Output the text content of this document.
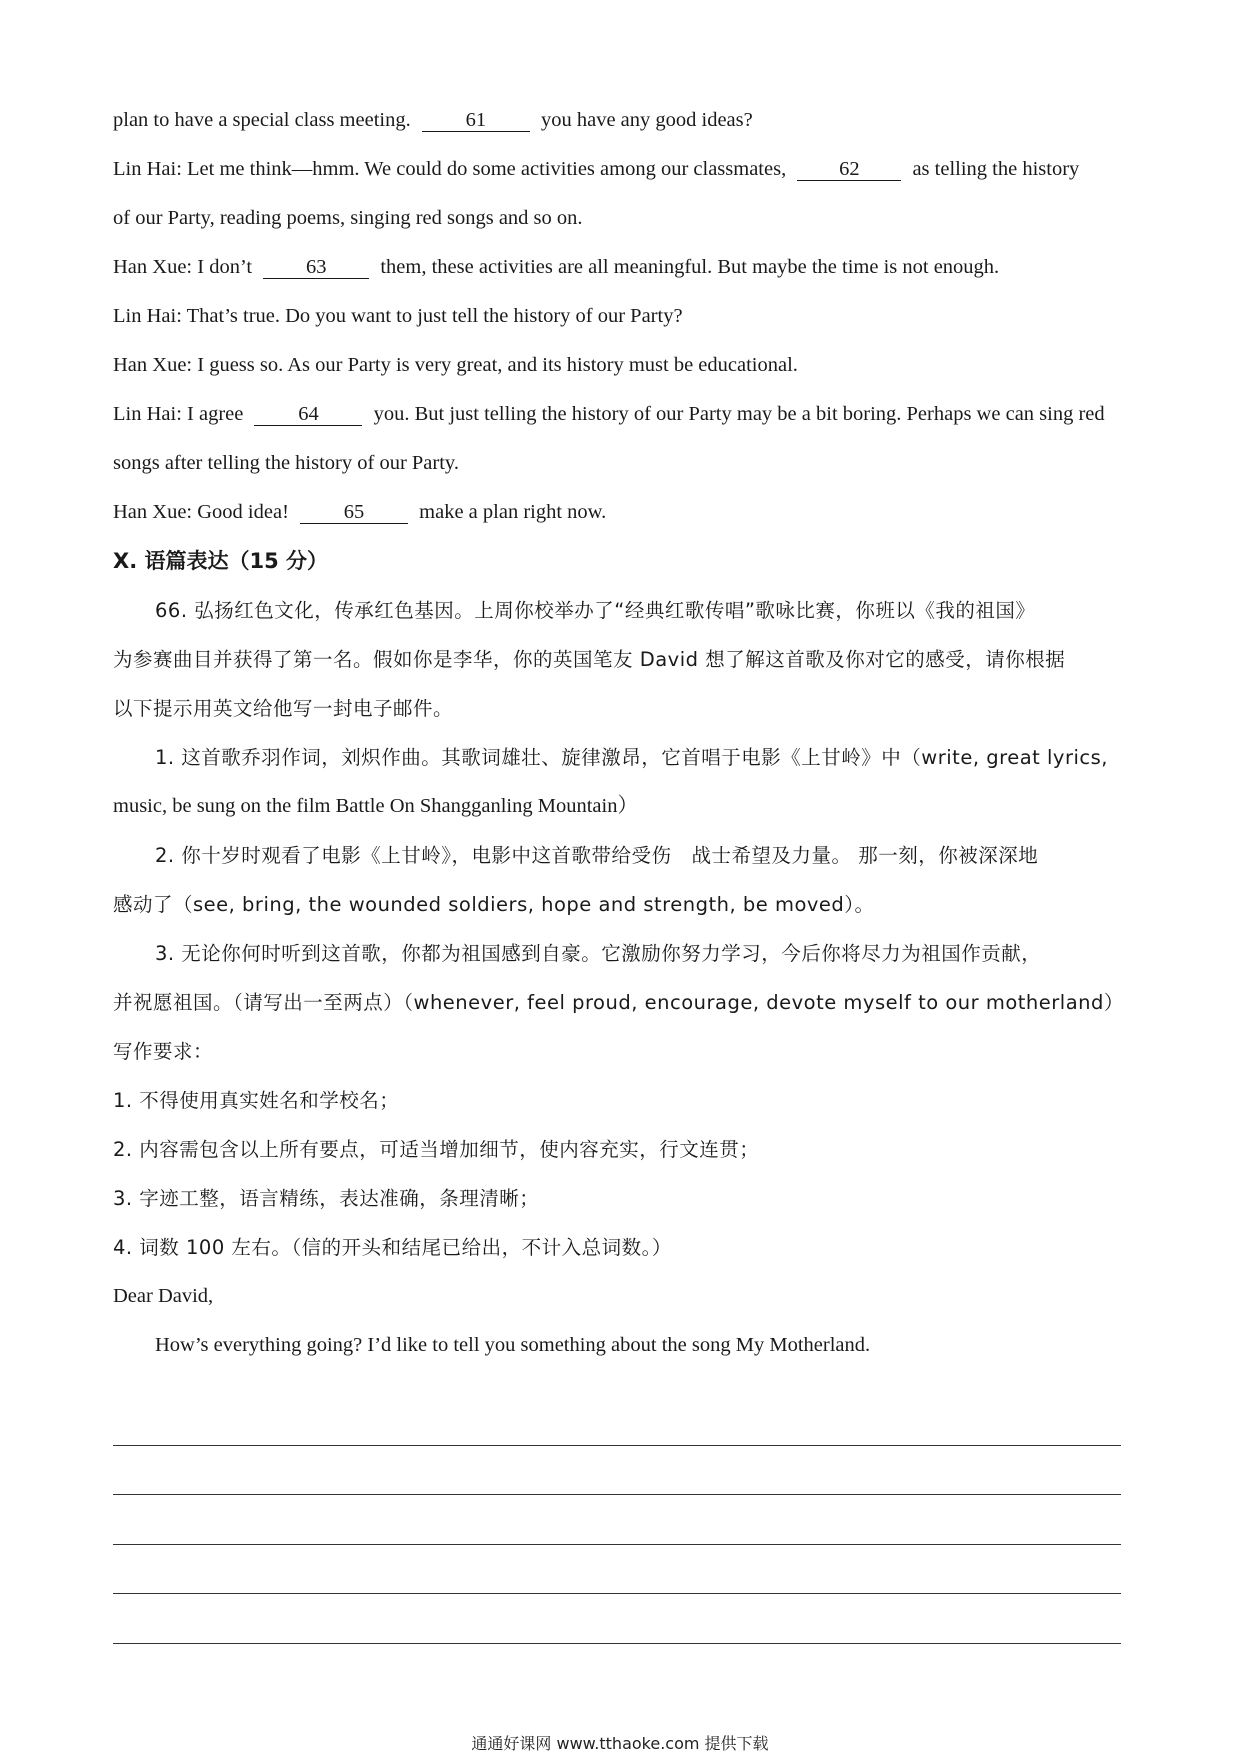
plan to have a special class meeting. 61 you have any good ideas?
Lin Hai: Let me think—hmm. We could do some activities among our classmates, 62 as telling the history
of our Party, reading poems, singing red songs and so on.
Han Xue: I don’t 63 them, these activities are all meaningful. But maybe the time is not enough.
Lin Hai: That’s true. Do you want to just tell the history of our Party?
Han Xue: I guess so. As our Party is very great, and its history must be educational.
Lin Hai: I agree 64 you. But just telling the history of our Party may be a bit boring. Perhaps we can sing red
songs after telling the history of our Party.
Han Xue: Good idea! 65 make a plan right now.
X. 语篇表达（15 分）
66. 弘扬红色文化，传承红色基因。上周你校举办了“经典红歌传唱”歌咏比赛，你班以《我的祖国》
为参赛曲目并获得了第一名。假如你是李华，你的英国笔友 David 想了解这首歌及你对它的感受，请你根据
以下提示用英文给他写一封电子邮件。
1. 这首歌乔羽作词，刘炽作曲。其歌词雄壮、旋律激昂，它首唱于电影《上甘岭》中（write, great lyrics,
music, be sung on the film Battle On Shangganling Mountain）
2. 你十岁时观看了电影《上甘岭》，电影中这首歌带给受伤　战士希望及力量。 那一刻，你被深深地
感动了（see, bring, the wounded soldiers, hope and strength, be moved）。
3. 无论你何时听到这首歌，你都为祖国感到自豪。它激励你努力学习，今后你将尽力为祖国作贡献，
并祝愿祖国。（请写出一至两点）（whenever, feel proud, encourage, devote myself to our motherland）
写作要求：
1. 不得使用真实姓名和学校名；
2. 内容需包含以上所有要点，可适当增加细节，使内容充实，行文连贯；
3. 字迹工整，语言精练，表达准确，条理清晰；
4. 词数 100 左右。（信的开头和结尾已给出，不计入总词数。）
Dear David,
How’s everything going? I’d like to tell you something about the song My Motherland.
通通好课网 www.tthaoke.com 提供下载
